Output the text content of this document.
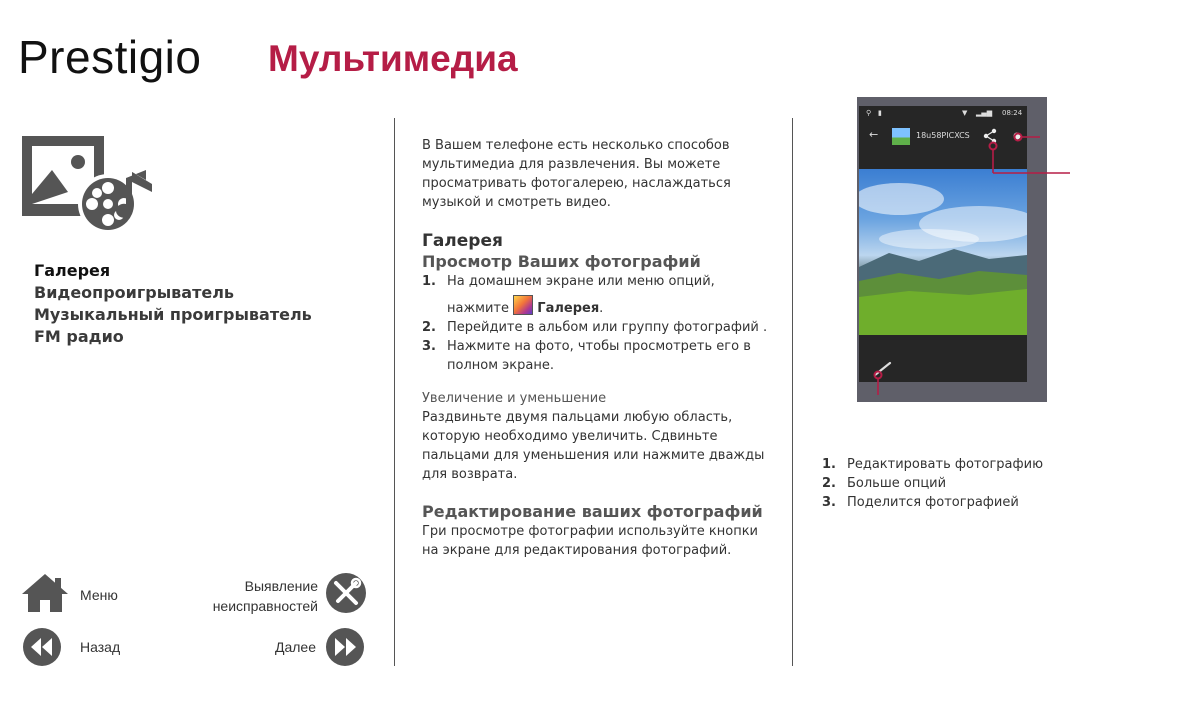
Prestigio Мультимедиа
Галерея
Видеопроигрыватель
Музыкальный проигрыватель
FM радио
Меню
Выявление
неисправностей
Назад	Далее

В Вашем телефоне есть несколько способов

мультимедиа для развлечения. Вы можете

просматривать фотогалерею, наслаждаться

музыкой и смотреть видео.

Галерея
Просмотр Ваших фотографий
1. На домашнем экране или меню опций,
нажмите Галерея.
2. Перейдите в альбом или группу фотографий .
3. Нажмите на фото, чтобы просмотреть его в
полном экране.
Увеличение и уменьшение

Раздвиньте двумя пальцами любую область,

которую необходимо увеличить. Сдвиньте

пальцами для уменьшения или нажмите дважды

для возврата.

Редактирование ваших фотографий

Гри просмотре фотографии используйте кнопки

на экране для редактирования фотографий.

⚲ ▮	▼ ▂▄▆ 08:24
←	18u58PICXCS
1. Редактировать фотографию
2. Больше опций
3. Поделится фотографией
